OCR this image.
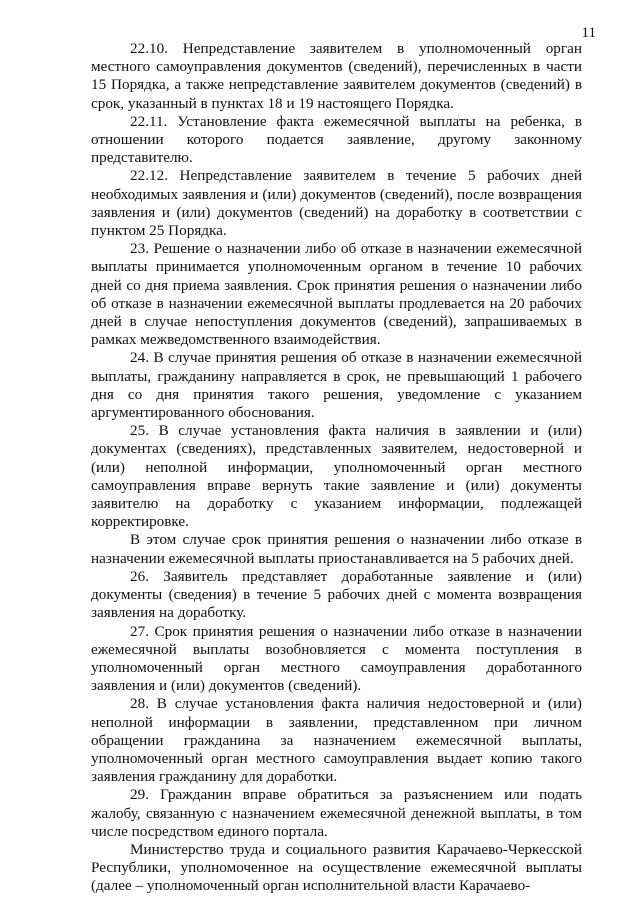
11

22.10. Непредставление заявителем в уполномоченный орган местного самоуправления документов (сведений), перечисленных в части 15 Порядка, а также непредставление заявителем документов (сведений) в срок, указанный в пунктах 18 и 19 настоящего Порядка.

22.11. Установление факта ежемесячной выплаты на ребенка, в отношении которого подается заявление, другому законному представителю.

22.12. Непредставление заявителем в течение 5 рабочих дней необходимых заявления и (или) документов (сведений), после возвращения заявления и (или) документов (сведений) на доработку в соответствии с пунктом 25 Порядка.

23. Решение о назначении либо об отказе в назначении ежемесячной выплаты принимается уполномоченным органом в течение 10 рабочих дней со дня приема заявления. Срок принятия решения о назначении либо об отказе в назначении ежемесячной выплаты продлевается на 20 рабочих дней в случае непоступления документов (сведений), запрашиваемых в рамках межведомственного взаимодействия.

24. В случае принятия решения об отказе в назначении ежемесячной выплаты, гражданину направляется в срок, не превышающий 1 рабочего дня со дня принятия такого решения, уведомление с указанием аргументированного обоснования.

25. В случае установления факта наличия в заявлении и (или) документах (сведениях), представленных заявителем, недостоверной и (или) неполной информации, уполномоченный орган местного самоуправления вправе вернуть такие заявление и (или) документы заявителю на доработку с указанием информации, подлежащей корректировке.

В этом случае срок принятия решения о назначении либо отказе в назначении ежемесячной выплаты приостанавливается на 5 рабочих дней.

26. Заявитель представляет доработанные заявление и (или) документы (сведения) в течение 5 рабочих дней с момента возвращения заявления на доработку.

27. Срок принятия решения о назначении либо отказе в назначении ежемесячной выплаты возобновляется с момента поступления в уполномоченный орган местного самоуправления доработанного заявления и (или) документов (сведений).

28. В случае установления факта наличия недостоверной и (или) неполной информации в заявлении, представленном при личном обращении гражданина за назначением ежемесячной выплаты, уполномоченный орган местного самоуправления выдает копию такого заявления гражданину для доработки.

29. Гражданин вправе обратиться за разъяснением или подать жалобу, связанную с назначением ежемесячной денежной выплаты, в том числе посредством единого портала.

Министерство труда и социального развития Карачаево-Черкесской Республики, уполномоченное на осуществление ежемесячной выплаты (далее – уполномоченный орган исполнительной власти Карачаево-
